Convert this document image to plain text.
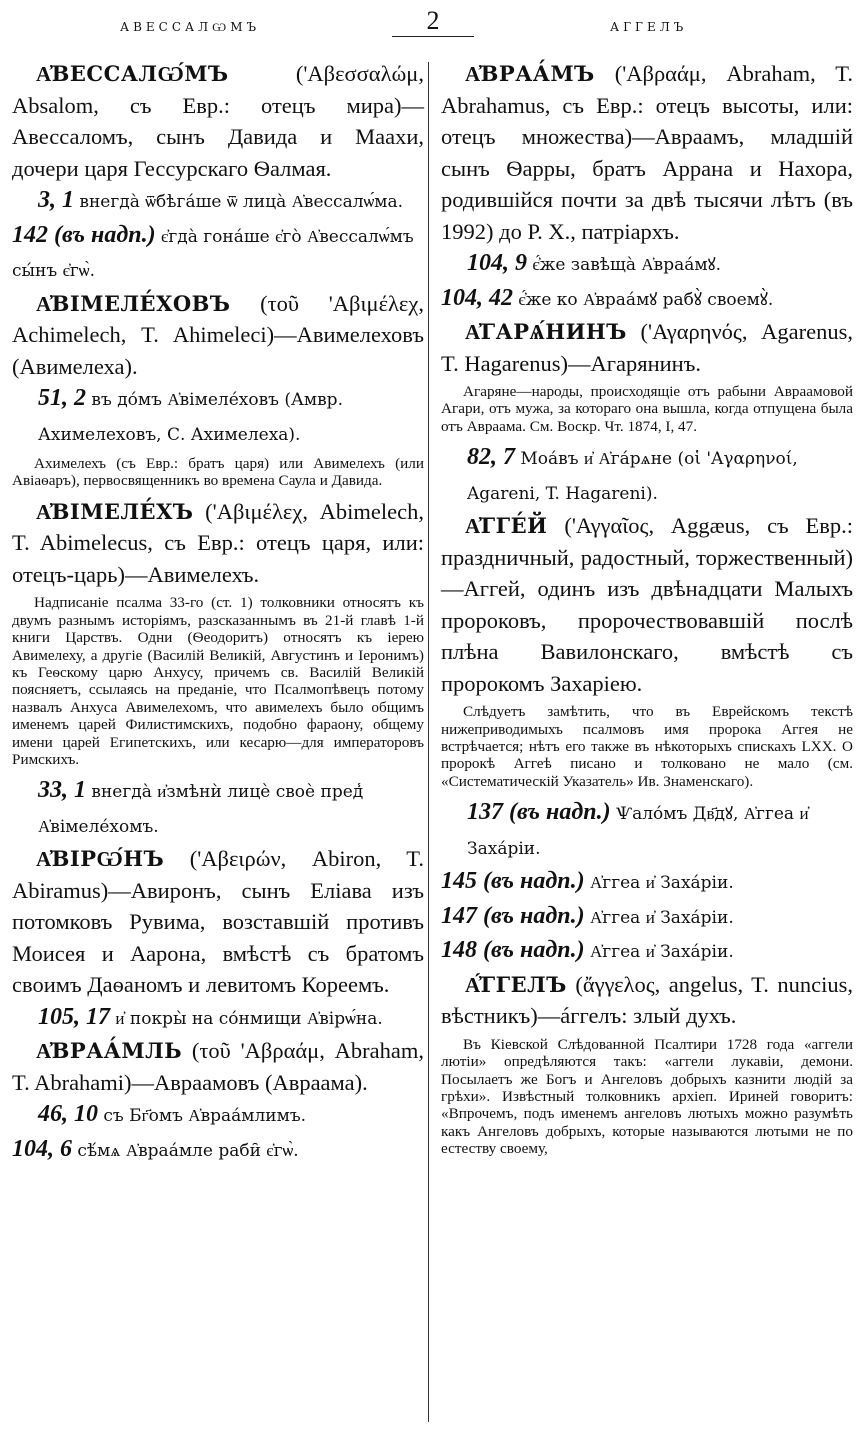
АВЕССАЛѠМЪ	2	АГГЕЛЪ

А҆ВЕССАЛѠ́МЪ ('Αβεσσαλώμ, Absalom, съ Евр.: отецъ мира)—Авессаломъ, сынъ Давида и Маахи, дочери царя Гессурскаго Ѳалмая.

3, 1 внегда̀ ѿбѣга́ше ѿ лица̀ А҆вессалѡ́ма.

142 (въ надп.) є҆гда̀ гона́ше є҆го̀ А҆вессалѡ́мъ сы́нъ є҆гѡ̀.

А҆ВІМЕЛЕ́ХОВЪ (τοῦ 'Αβιμέλεχ, Achimelech, T. Ahimeleci)—Авимелеховъ (Авимелеха).

51, 2 въ до́мъ А҆вімеле́ховъ (Амвр. Ахимелеховъ, С. Ахимелеха).

Ахимелехъ (съ Евр.: братъ царя) или Авимелехъ (или Авіаѳаръ), первосвященникъ во времена Саула и Давида.

А҆ВІМЕЛЕ́ХЪ ('Αβιμέλεχ, Abimelech, T. Abimelecus, съ Евр.: отецъ царя, или: отецъ-царь)—Авимелехъ.

Надписаніе псалма 33-го (ст. 1) толковники относятъ къ двумъ разнымъ исторіямъ, разсказаннымъ въ 21-й главѣ 1-й книги Царствъ. Одни (Ѳеодоритъ) относятъ къ іерею Авимелеху, а другіе (Василій Великій, Августинъ и Іеронимъ) къ Геѳскому царю Анхусу, причемъ св. Василій Великій поясняетъ, ссылаясь на преданіе, что Псалмопѣвецъ потому назвалъ Анхуса Авимелехомъ, что авимелехъ было общимъ именемъ царей Филистимскихъ, подобно фараону, общему имени царей Египетскихъ, или кесарю—для императоровъ Римскихъ.

33, 1 внегда̀ и҆змѣнѝ лицѐ своѐ пред̾ А҆вімеле́хомъ.

А҆ВІРѠ́НЪ ('Αβειρών, Abiron, T. Abiramus)—Авиронъ, сынъ Еліава изъ потомковъ Рувима, возставшій противъ Моисея и Аарона, вмѣстѣ съ братомъ своимъ Даѳаномъ и левитомъ Кореемъ.

105, 17 и҆ покры̀ на со́нмищи А҆вірѡ́на.

А҆ВРАА́МЛЬ (τοῦ 'Αβραάμ, Abraham, T. Abrahami)—Авраамовъ (Авраама).

46, 10 съ Бг҃омъ А҆враа́млимъ.

104, 6 сѣ́мѧ А҆враа́мле раби̑ є҆гѡ̀.

А҆ВРАА́МЪ ('Αβραάμ, Abraham, T. Abrahamus, съ Евр.: отецъ высоты, или: отецъ множества)—Авраамъ, младшій сынъ Ѳарры, братъ Аррана и Нахора, родившійся почти за двѣ тысячи лѣтъ (въ 1992) до Р. Х., патріархъ.

104, 9 є҆́же завѣща̀ А҆враа́мꙋ.

104, 42 є҆́же ко А҆враа́мꙋ рабꙋ̀ своемꙋ̀.

А҆ГАРѦ́НИНЪ ('Αγαρηνός, Agarenus, T. Hagarenus)—Агарянинъ.

Агаряне—народы, происходящіе отъ рабыни Авраамовой Агари, отъ мужа, за котораго она вышла, когда отпущена была отъ Авраама. См. Воскр. Чт. 1874, I, 47.

82, 7 Моа́въ и҆ А҆га́рѧне (οἱ 'Αγαρηνοί, Agareni, T. Hagareni).

А҆ГГЕ́Й ('Αγγαῖος, Aggæus, съ Евр.: праздничный, радостный, торжественный)—Аггей, одинъ изъ двѣнадцати Малыхъ пророковъ, пророчествовавшій послѣ плѣна Вавилонскаго, вмѣстѣ съ пророкомъ Захаріею.

Слѣдуетъ замѣтить, что въ Еврейскомъ текстѣ нижеприводимыхъ псалмовъ имя пророка Аггея не встрѣчается; нѣтъ его также въ нѣкоторыхъ спискахъ LXX. О пророкѣ Аггеѣ писано и толковано не мало (см. «Систематическій Указатель» Ив. Знаменскаго).

137 (въ надп.) Ѱало́мъ Дв҃дꙋ, А҆ггеа и҆ Заха́ріи.

145 (въ надп.) А҆ггеа и҆ Заха́ріи.

147 (въ надп.) А҆ггеа и҆ Заха́ріи.

148 (въ надп.) А҆ггеа и҆ Заха́ріи.

А҆́ГГЕЛЪ (ἄγγελος, angelus, T. nuncius, вѣстникъ)—áггелъ: злый духъ.

Въ Кіевской Слѣдованной Псалтири 1728 года «аггели лютіи» опредѣляются такъ: «аггели лукавіи, демони. Посылаетъ же Богъ и Ангеловъ добрыхъ казнити людій за грѣхи». Извѣстный толковникъ архіеп. Ириней говоритъ: «Впрочемъ, подъ именемъ ангеловъ лютыхъ можно разумѣть какъ Ангеловъ добрыхъ, которые называются лютыми не по естеству своему,
